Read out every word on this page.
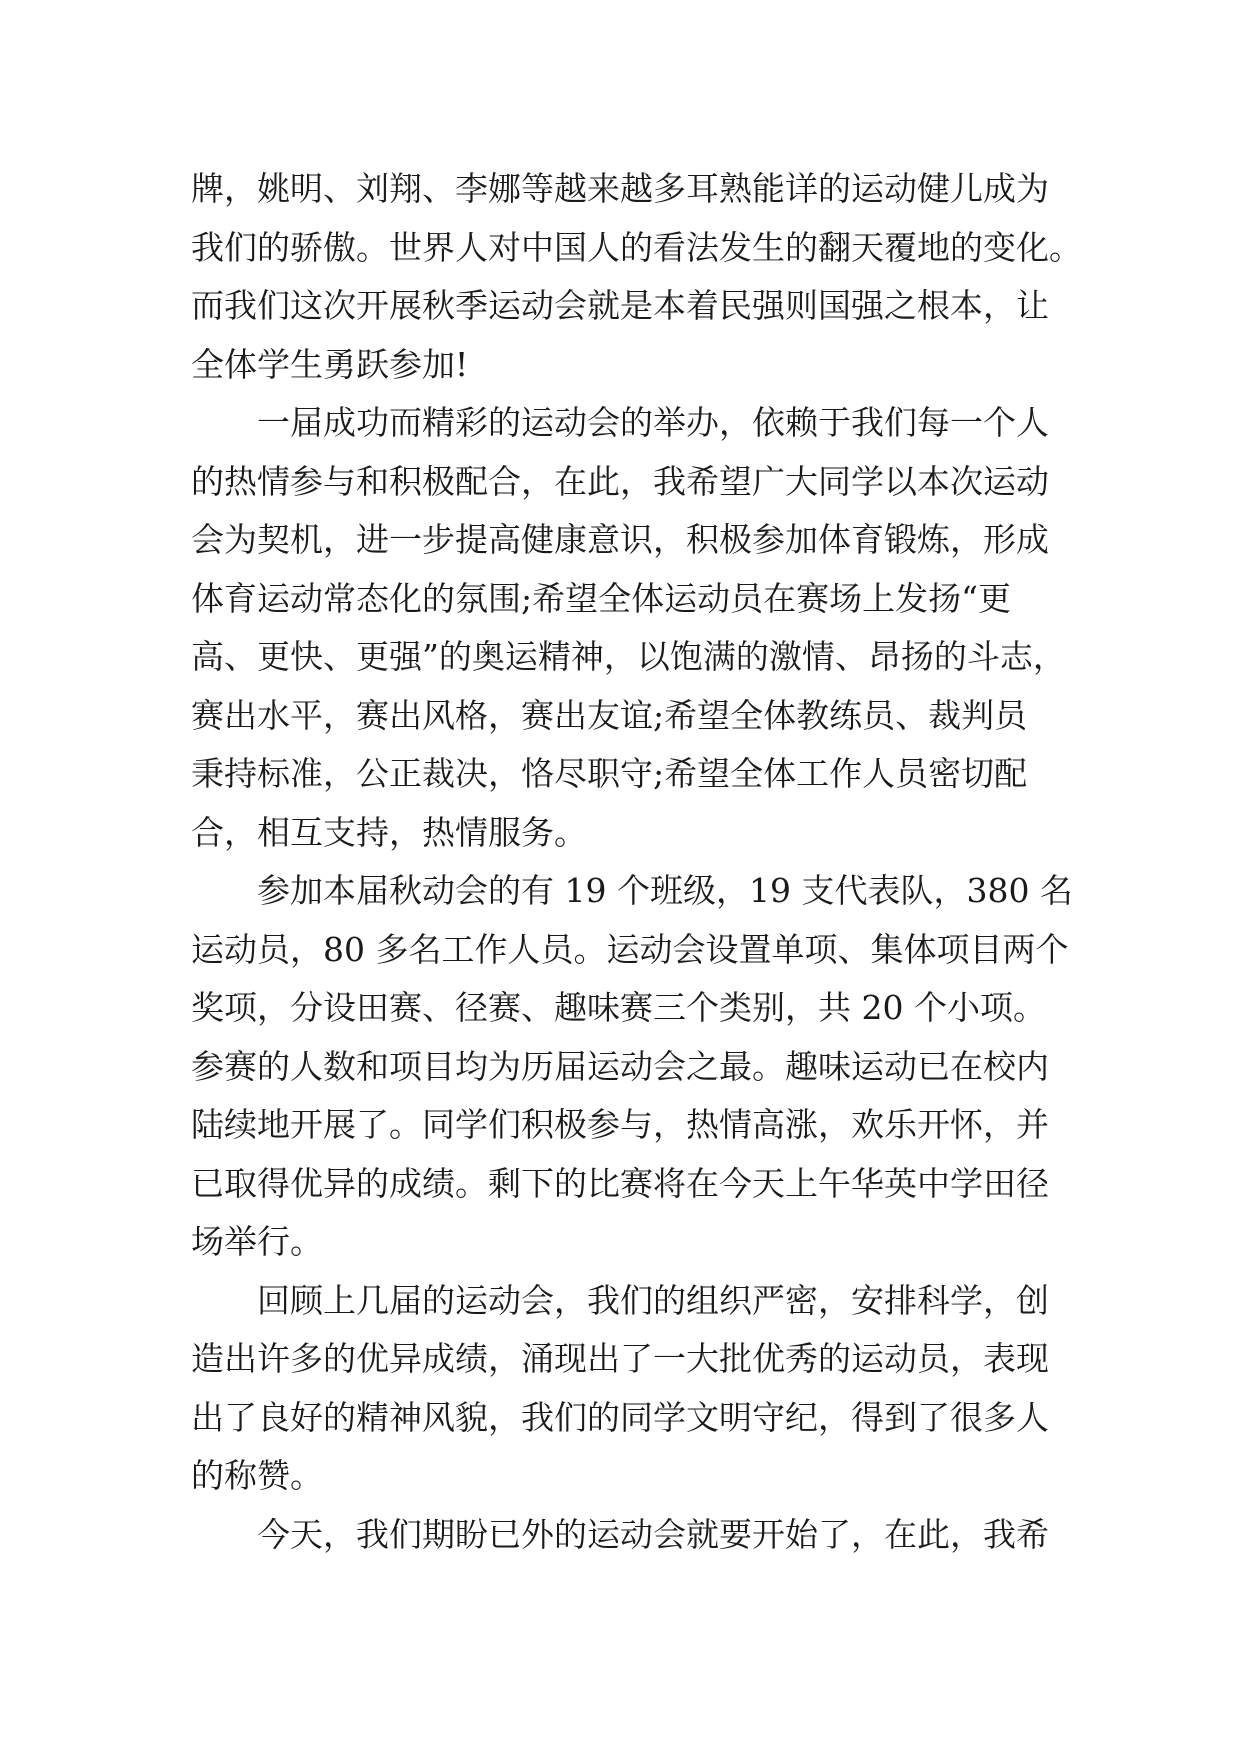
牌，姚明、刘翔、李娜等越来越多耳熟能详的运动健儿成为
我们的骄傲。世界人对中国人的看法发生的翻天覆地的变化。
而我们这次开展秋季运动会就是本着民强则国强之根本，让
全体学生勇跃参加!
一届成功而精彩的运动会的举办，依赖于我们每一个人
的热情参与和积极配合，在此，我希望广大同学以本次运动
会为契机，进一步提高健康意识，积极参加体育锻炼，形成
体育运动常态化的氛围;希望全体运动员在赛场上发扬“更
高、更快、更强”的奥运精神，以饱满的激情、昂扬的斗志，
赛出水平，赛出风格，赛出友谊;希望全体教练员、裁判员
秉持标准，公正裁决，恪尽职守;希望全体工作人员密切配
合，相互支持，热情服务。
参加本届秋动会的有 19 个班级，19 支代表队，380 名
运动员，80 多名工作人员。运动会设置单项、集体项目两个
奖项，分设田赛、径赛、趣味赛三个类别，共 20 个小项。
参赛的人数和项目均为历届运动会之最。趣味运动已在校内
陆续地开展了。同学们积极参与，热情高涨，欢乐开怀，并
已取得优异的成绩。剩下的比赛将在今天上午华英中学田径
场举行。
回顾上几届的运动会，我们的组织严密，安排科学，创
造出许多的优异成绩，涌现出了一大批优秀的运动员，表现
出了良好的精神风貌，我们的同学文明守纪，得到了很多人
的称赞。
今天，我们期盼已外的运动会就要开始了，在此，我希
